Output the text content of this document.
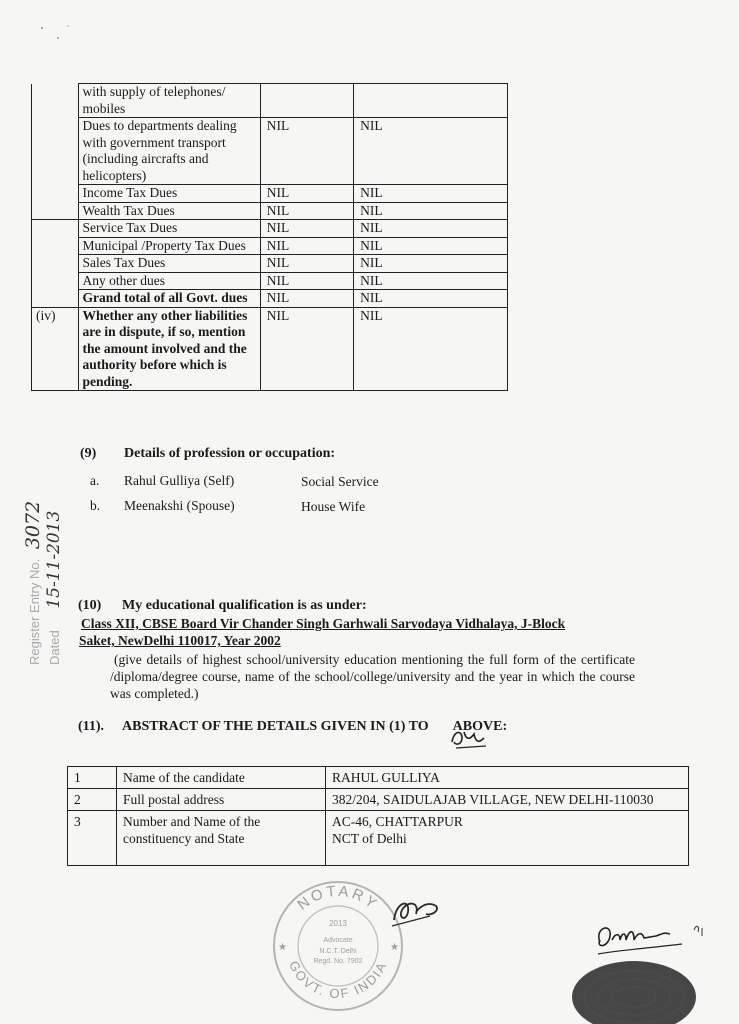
	with supply of telephones/ mobiles		
	Dues to departments dealing with government transport (including aircrafts and helicopters)	NIL	NIL
	Income Tax Dues	NIL	NIL
	Wealth Tax Dues	NIL	NIL
	Service Tax Dues	NIL	NIL
	Municipal /Property Tax Dues	NIL	NIL
	Sales Tax Dues	NIL	NIL
	Any other dues	NIL	NIL
	Grand total of all Govt. dues	NIL	NIL
(iv)	Whether any other liabilities are in dispute, if so, mention the amount involved and the authority before which is pending.	NIL	NIL
(9) Details of profession or occupation:
a. Rahul Gulliya (Self)	Social Service
b. Meenakshi (Spouse)	House Wife
(10) My educational qualification is as under:
Class XII, CBSE Board Vir Chander Singh Garhwali Sarvodaya Vidhalaya, J-Block
Saket, NewDelhi 110017, Year 2002
(give details of highest school/university education mentioning the full form of the certificate /diploma/degree course, name of the school/college/university and the year in which the course was completed.)
(11). ABSTRACT OF THE DETAILS GIVEN IN (1) TO ABOVE:
1	Name of the candidate	RAHUL GULLIYA
2	Full postal address	382/204, SAIDULAJAB VILLAGE, NEW DELHI-110030
3	Number and Name of the constituency and State	AC-46, CHATTARPUR
NCT of Delhi
Register Entry No. 3072
Dated 15-11-2013
NOTARY
GOVT. OF INDIA
2013
Advocate
N.C.T. Delhi
Regd. No. 7902
★	★
